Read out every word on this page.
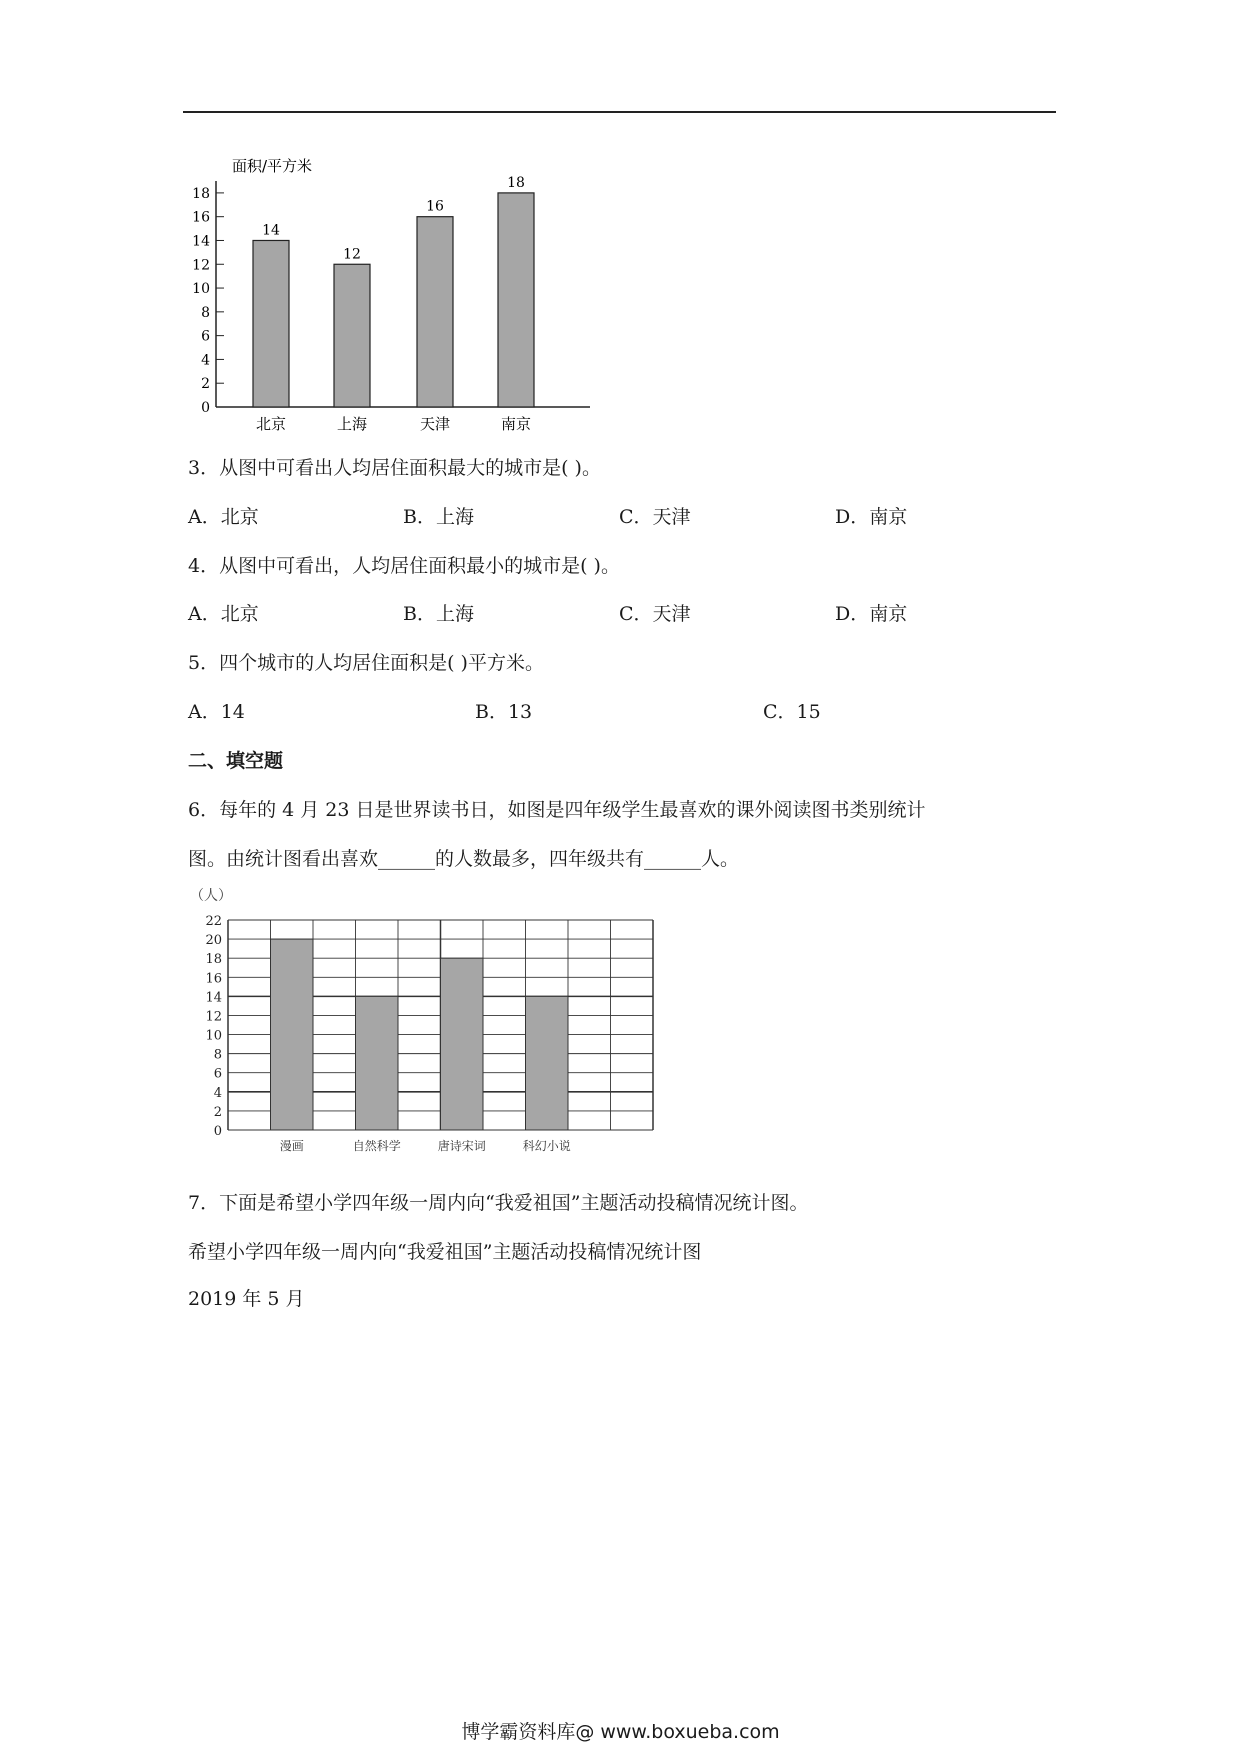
面积/平方米
0
2
4
6
8
10
12
14
16
18
14
北京
12
上海
16
天津
18
南京
3．从图中可看出人均居住面积最大的城市是( )。
A．北京	B．上海	C．天津	D．南京
4．从图中可看出，人均居住面积最小的城市是( )。
A．北京	B．上海	C．天津	D．南京
5．四个城市的人均居住面积是( )平方米。
A．14	B．13	C．15
二、填空题
6．每年的 4 月 23 日是世界读书日，如图是四年级学生最喜欢的课外阅读图书类别统计
图。由统计图看出喜欢______的人数最多，四年级共有______人。
（人）
漫画	自然科学	唐诗宋词	科幻小说
0
2
4
6
8
10
12
14
16
18
20
22
7．下面是希望小学四年级一周内向“我爱祖国”主题活动投稿情况统计图。
希望小学四年级一周内向“我爱祖国”主题活动投稿情况统计图
2019 年 5 月
博学霸资料库@ www.boxueba.com
